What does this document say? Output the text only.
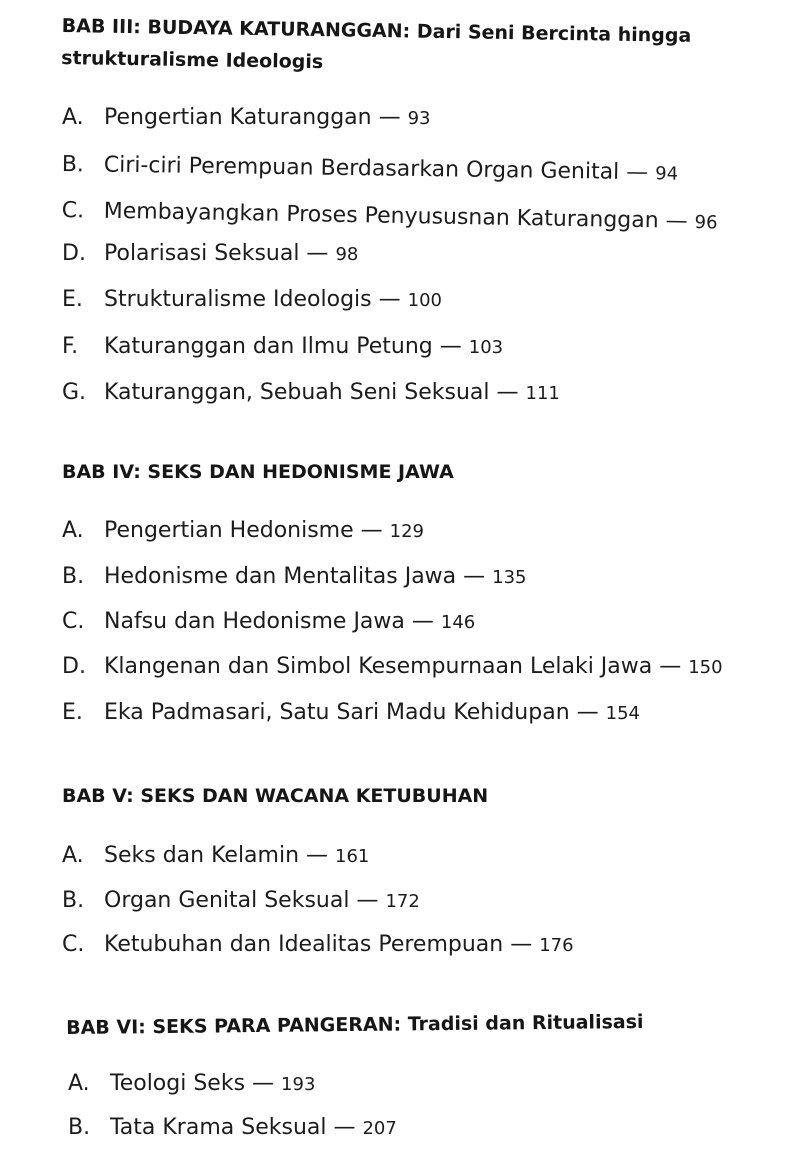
BAB III: BUDAYA KATURANGGAN: Dari Seni Bercinta hingga
strukturalisme Ideologis
A. Pengertian Katuranggan — 93
B. Ciri-ciri Perempuan Berdasarkan Organ Genital — 94
C. Membayangkan Proses Penyususnan Katuranggan — 96
D. Polarisasi Seksual — 98
E. Strukturalisme Ideologis — 100
F. Katuranggan dan Ilmu Petung — 103
G. Katuranggan, Sebuah Seni Seksual — 111
BAB IV: SEKS DAN HEDONISME JAWA
A. Pengertian Hedonisme — 129
B. Hedonisme dan Mentalitas Jawa — 135
C. Nafsu dan Hedonisme Jawa — 146
D. Klangenan dan Simbol Kesempurnaan Lelaki Jawa — 150
E. Eka Padmasari, Satu Sari Madu Kehidupan — 154
BAB V: SEKS DAN WACANA KETUBUHAN
A. Seks dan Kelamin — 161
B. Organ Genital Seksual — 172
C. Ketubuhan dan Idealitas Perempuan — 176
BAB VI: SEKS PARA PANGERAN: Tradisi dan Ritualisasi
A. Teologi Seks — 193
B. Tata Krama Seksual — 207
